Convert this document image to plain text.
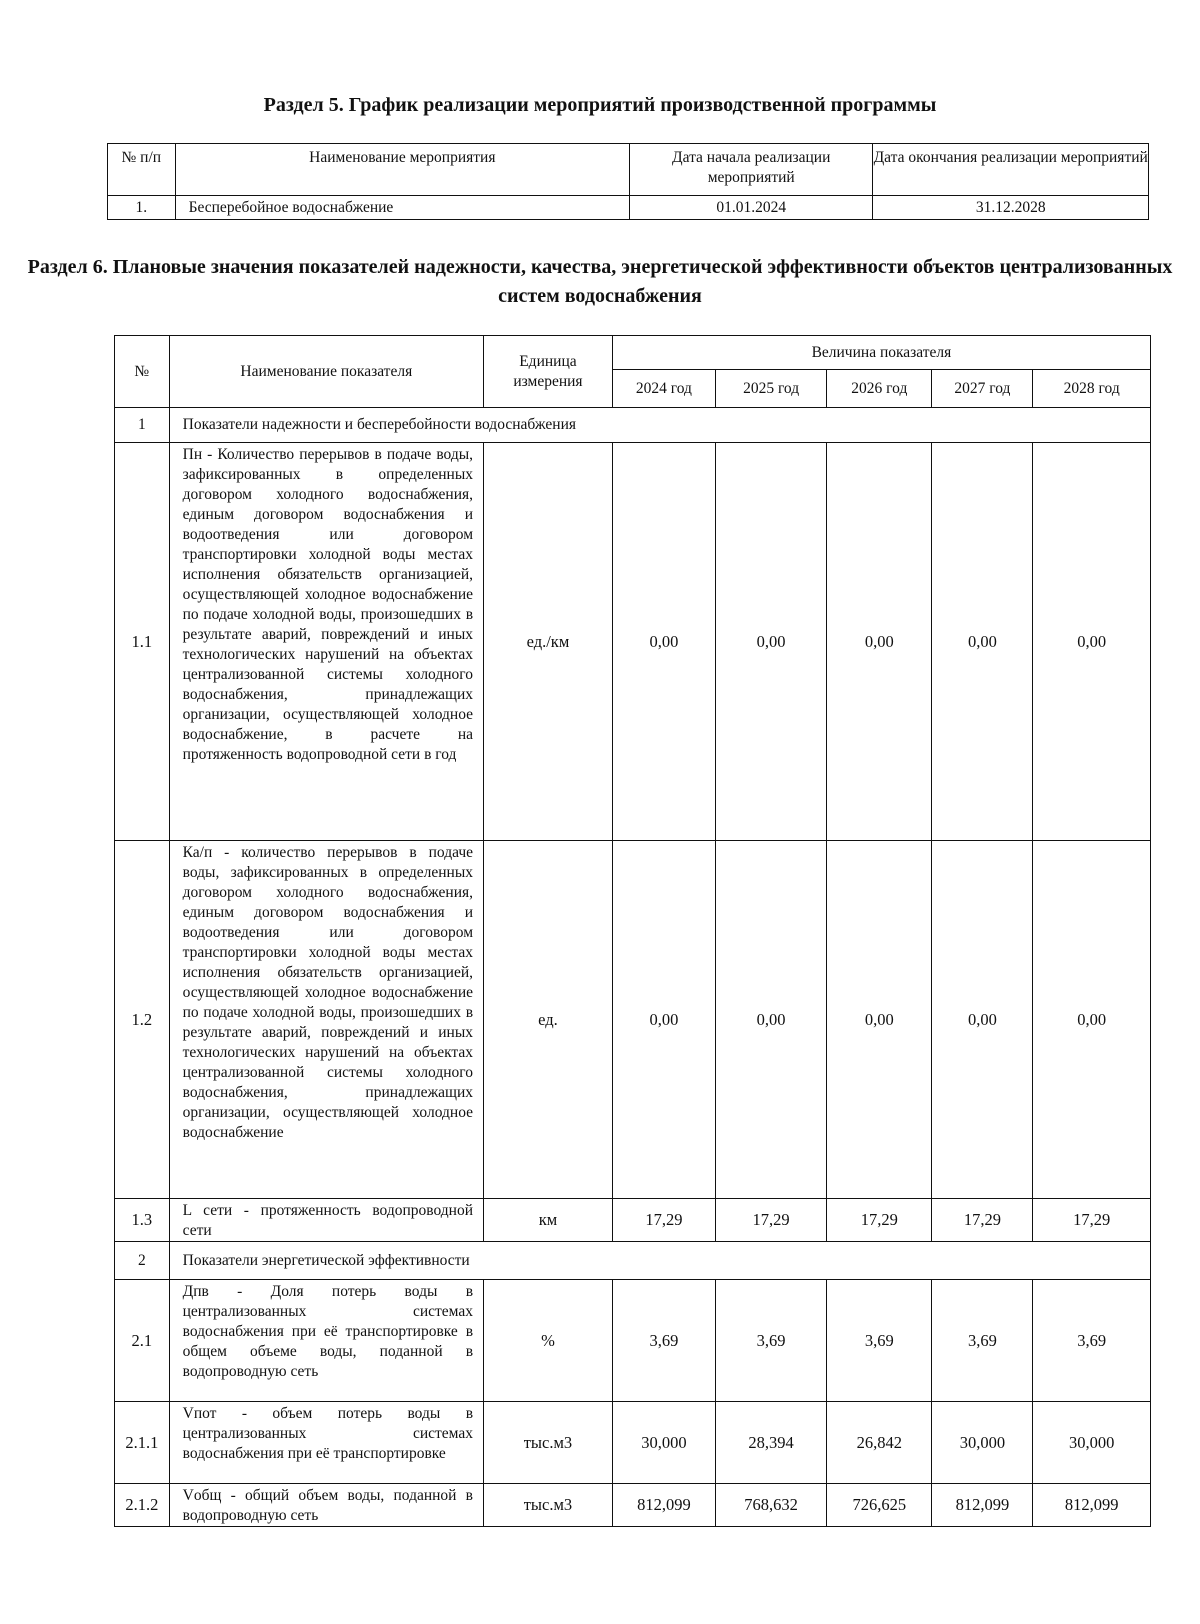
Раздел 5. График реализации мероприятий производственной программы
№ п/п	Наименование мероприятия	Дата начала реализации мероприятий	Дата окончания реализации мероприятий
1.	Бесперебойное водоснабжение	01.01.2024	31.12.2028
Раздел 6. Плановые значения показателей надежности, качества, энергетической эффективности объектов централизованных систем водоснабжения
№	Наименование показателя	Единица измерения	Величина показателя				
			2024 год	2025 год	2026 год	2027 год	2028 год
1	Показатели надежности и бесперебойности водоснабжения						
1.1	Пн - Количество перерывов в подаче воды, зафиксированных в определенных договором холодного водоснабжения, единым договором водоснабжения и водоотведения или договором транспортировки холодной воды местах исполнения обязательств организацией, осуществляющей холодное водоснабжение по подаче холодной воды, произошедших в результате аварий, повреждений и иных технологических нарушений на объектах централизованной системы холодного водоснабжения, принадлежащих организации, осуществляющей холодное водоснабжение, в расчете на протяженность водопроводной сети в год	ед./км	0,00	0,00	0,00	0,00	0,00
1.2	Ка/п - количество перерывов в подаче воды, зафиксированных в определенных договором холодного водоснабжения, единым договором водоснабжения и водоотведения или договором транспортировки холодной воды местах исполнения обязательств организацией, осуществляющей холодное водоснабжение по подаче холодной воды, произошедших в результате аварий, повреждений и иных технологических нарушений на объектах централизованной системы холодного водоснабжения, принадлежащих организации, осуществляющей холодное водоснабжение	ед.	0,00	0,00	0,00	0,00	0,00
1.3	L сети - протяженность водопроводной сети	км	17,29	17,29	17,29	17,29	17,29
2	Показатели энергетической эффективности						
2.1	Дпв - Доля потерь воды в централизованных системах водоснабжения при её транспортировке в общем объеме воды, поданной в водопроводную сеть	%	3,69	3,69	3,69	3,69	3,69
2.1.1	Vпот - объем потерь воды в централизованных системах водоснабжения при её транспортировке	тыс.м3	30,000	28,394	26,842	30,000	30,000
2.1.2	Vобщ - общий объем воды, поданной в водопроводную сеть	тыс.м3	812,099	768,632	726,625	812,099	812,099
